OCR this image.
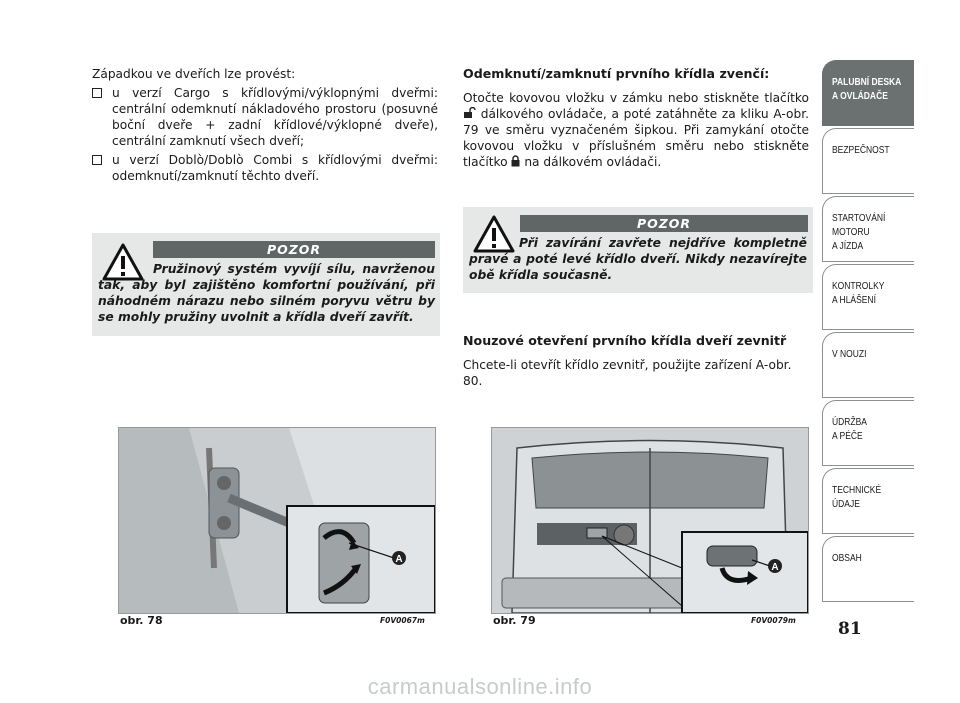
Západkou ve dveřích lze provést:

u verzí Cargo s křídlovými/výklopnými dveřmi: centrální odemknutí nákladového prostoru (posuvné boční dveře + zadní křídlové/výklopné dveře), centrální zamknutí všech dveří;
u verzí Doblò/Doblò Combi s křídlovými dveřmi: odemknutí/zamknutí těchto dveří.
POZOR
Pružinový systém vyvíjí sílu, navrženou tak, aby byl zajištěno komfortní používání, při náhodném nárazu nebo silném poryvu větru by se mohly pružiny uvolnit a křídla dveří zavřít.
Odemknutí/zamknutí prvního křídla zvenčí:

Otočte kovovou vložku v zámku nebo stiskněte tlačítko  dálkového ovládače, a poté zatáhněte za kliku A-obr. 79 ve směru vyznačeném šipkou. Při zamykání otočte kovovou vložku v příslušném směru nebo stiskněte tlačítko na dálkovém ovládači.

POZOR
Při zavírání zavřete nejdříve kompletně pravé a poté levé křídlo dveří. Nikdy nezavírejte obě křídla současně.
Nouzové otevření prvního křídla dveří zevnitř

Chcete-li otevřít křídlo zevnitř, použijte zařízení A-obr. 80.

A
obr. 78	F0V0067m
A
obr. 79	F0V0079m
PALUBNÍ DESKA
A OVLÁDAČE
BEZPEČNOST
STARTOVÁNÍ
MOTORU
A JÍZDA
KONTROLKY
A HLÁŠENÍ
V NOUZI
ÚDRŽBA
A PÉČE
TECHNICKÉ
ÚDAJE
OBSAH
81
carmanualsonline.info
